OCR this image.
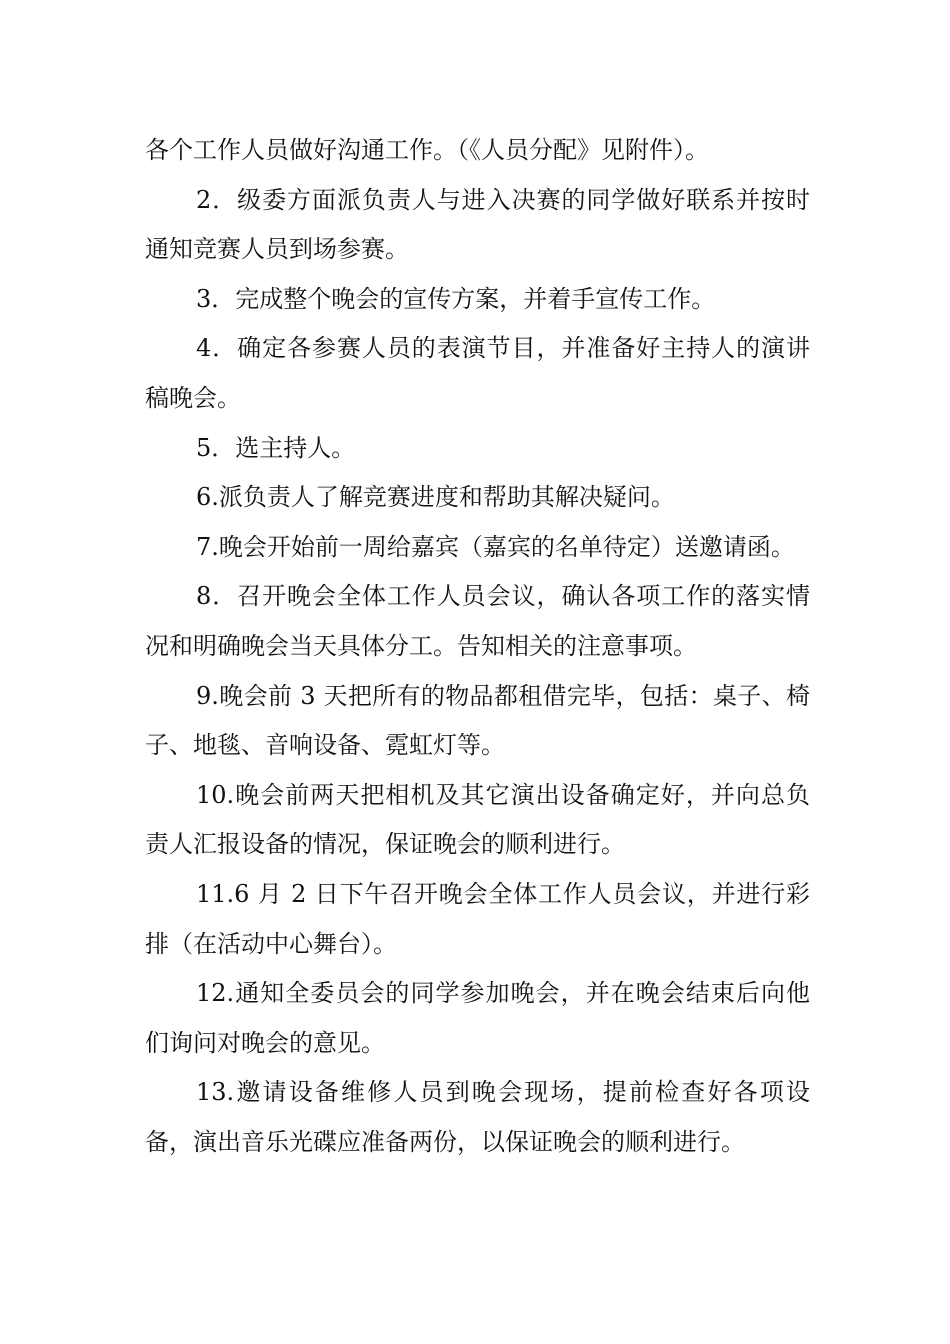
各个工作人员做好沟通工作。（《人员分配》见附件）。

2．级委方面派负责人与进入决赛的同学做好联系并按时通知竞赛人员到场参赛。

3．完成整个晚会的宣传方案，并着手宣传工作。

4．确定各参赛人员的表演节目，并准备好主持人的演讲稿晚会。

5．选主持人。

6.派负责人了解竞赛进度和帮助其解决疑问。

7.晚会开始前一周给嘉宾（嘉宾的名单待定）送邀请函。

8．召开晚会全体工作人员会议，确认各项工作的落实情况和明确晚会当天具体分工。告知相关的注意事项。

9.晚会前 3 天把所有的物品都租借完毕，包括：桌子、椅子、地毯、音响设备、霓虹灯等。

10.晚会前两天把相机及其它演出设备确定好，并向总负责人汇报设备的情况，保证晚会的顺利进行。

11.6 月 2 日下午召开晚会全体工作人员会议，并进行彩排（在活动中心舞台）。

12.通知全委员会的同学参加晚会，并在晚会结束后向他们询问对晚会的意见。

13.邀请设备维修人员到晚会现场，提前检查好各项设备，演出音乐光碟应准备两份，以保证晚会的顺利进行。
